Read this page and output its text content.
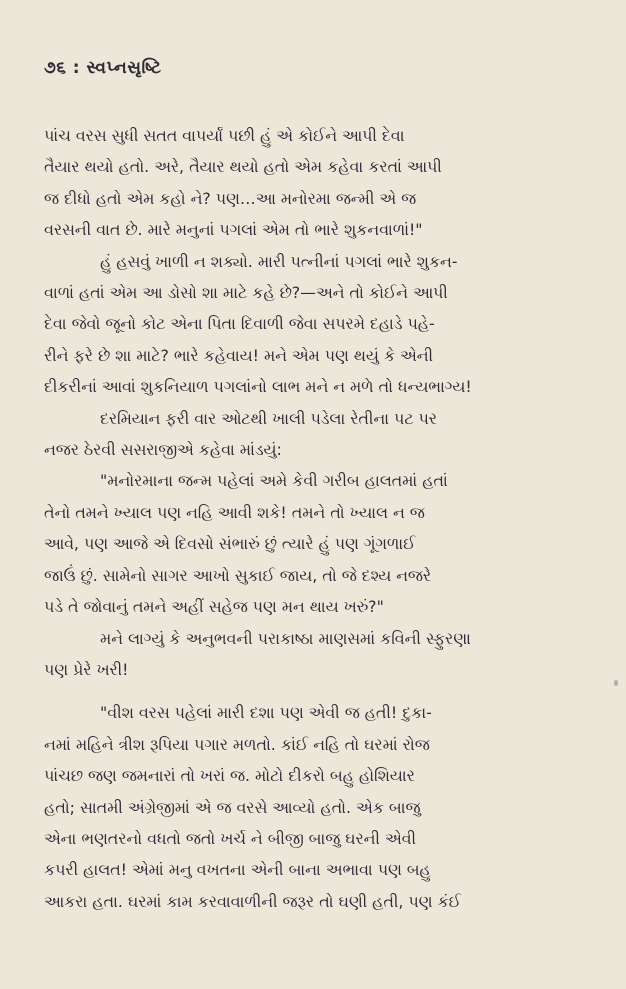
૭૬ : સ્વપ્નસૃષ્ટિ

પાંચ વરસ સુધી સતત વાપર્યાં પછી હું એ કોઈને આપી દેવા
તૈયાર થયો હતો. અરે, તૈયાર થયો હતો એમ કહેવા કરતાં આપી
જ દીધો હતો એમ કહો ને? પણ…આ મનોરમા જન્મી એ જ
વરસની વાત છે. મારે મનુનાં પગલાં એમ તો ભારે શુકનવાળાં!"

હું હસવું ખાળી ન શક્યો. મારી પત્નીનાં પગલાં ભારે શુકન-
વાળાં હતાં એમ આ ડોસો શા માટે કહે છે?—અને તો કોઈને આપી
દેવા જેવો જૂનો કોટ એના પિતા દિવાળી જેવા સપરમે દહાડે પહે-
રીને ફરે છે શા માટે? ભારે કહેવાય! મને એમ પણ થયું કે એની
દીકરીનાં આવાં શુકનિયાળ પગલાંનો લાભ મને ન મળે તો ધન્યભાગ્ય!

દરમિયાન ફરી વાર ઓટથી ખાલી પડેલા રેતીના પટ પર
નજર ઠેરવી સસરાજીએ કહેવા માંડયું:

"મનોરમાના જન્મ પહેલાં અમે કેવી ગરીબ હાલતમાં હતાં
તેનો તમને ખ્યાલ પણ નહિ આવી શકે! તમને તો ખ્યાલ ન જ
આવે, પણ આજે એ દિવસો સંભારું છું ત્યારે હું પણ ગૂંગળાઈ
જાઉં છું. સામેનો સાગર આખો સુકાઈ જાય, તો જે દશ્ય નજરે
પડે તે જોવાનું તમને અહીં સહેજ પણ મન થાય ખરું?"

મને લાગ્યું કે અનુભવની પરાકાષ્ઠા માણસમાં કવિની સ્ફુરણા
પણ પ્રેરે ખરી!

"વીશ વરસ પહેલાં મારી દશા પણ એવી જ હતી! દુકા-
નમાં મહિને ત્રીશ રૂપિયા પગાર મળતો. કાંઈ નહિ તો ઘરમાં રોજ
પાંચછ જણ જમનારાં તો ખરાં જ. મોટો દીકરો બહુ હોશિયાર
હતો; સાતમી અંગ્રેજીમાં એ જ વરસે આવ્યો હતો. એક બાજુ
એના ભણતરનો વધતો જતો ખર્ચ ને બીજી બાજુ ઘરની એવી
કપરી હાલત! એમાં મનુ વખતના એની બાના અભાવા પણ બહુ
આકરા હતા. ઘરમાં કામ કરવાવાળીની જરૂર તો ઘણી હતી, પણ કંઈ
